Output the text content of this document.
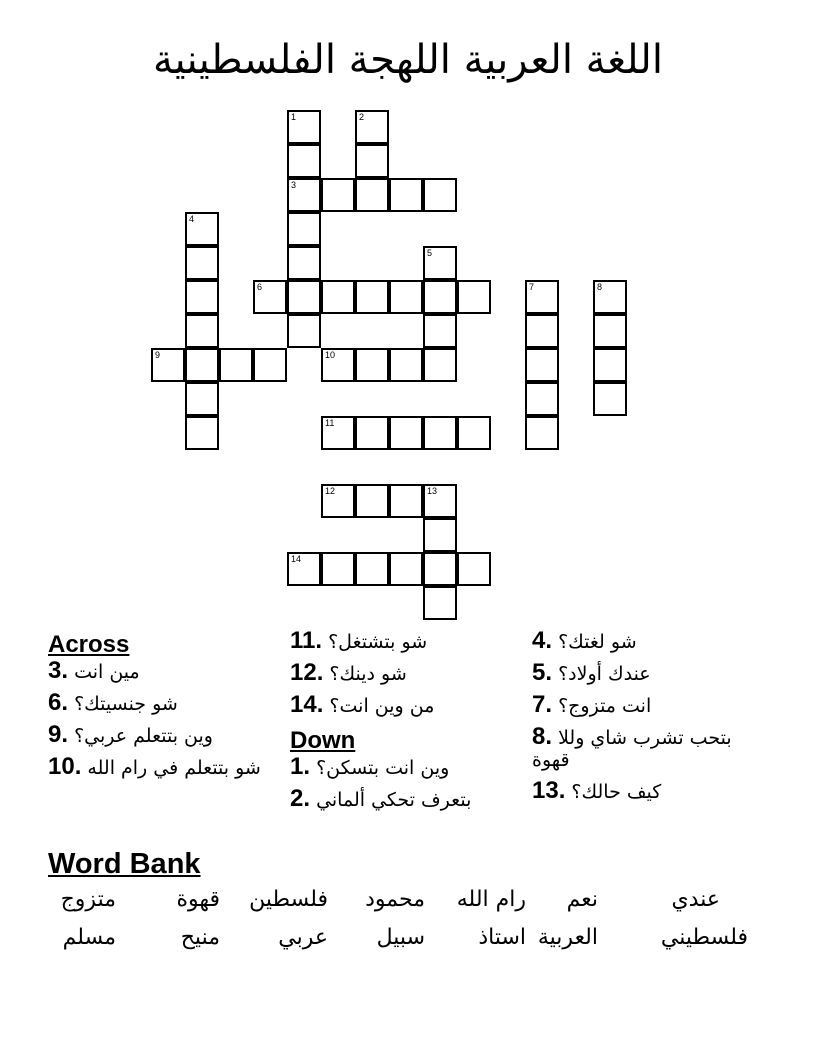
اللغة العربية اللهجة الفلسطينية
1	2
3
4
5
6	7	8
9	10
11
12	13
14
Across
3. مين انت
6. شو جنسيتك؟
9. وين بتتعلم عربي؟
10. شو بتتعلم في رام الله
11. شو بتشتغل؟
12. شو دينك؟
14. من وين انت؟
Down
1. وين انت بتسكن؟
2. بتعرف تحكي ألماني
4. شو لغتك؟
5. عندك أولاد؟
7. انت متزوج؟
8. بتحب تشرب شاي وللا قهوة
13. كيف حالك؟
Word Bank
متزوج	قهوة فلسطين محمود رام الله نعم	عندي
مسلم	منيح	عربي سبيل استاذ العربية	فلسطيني
